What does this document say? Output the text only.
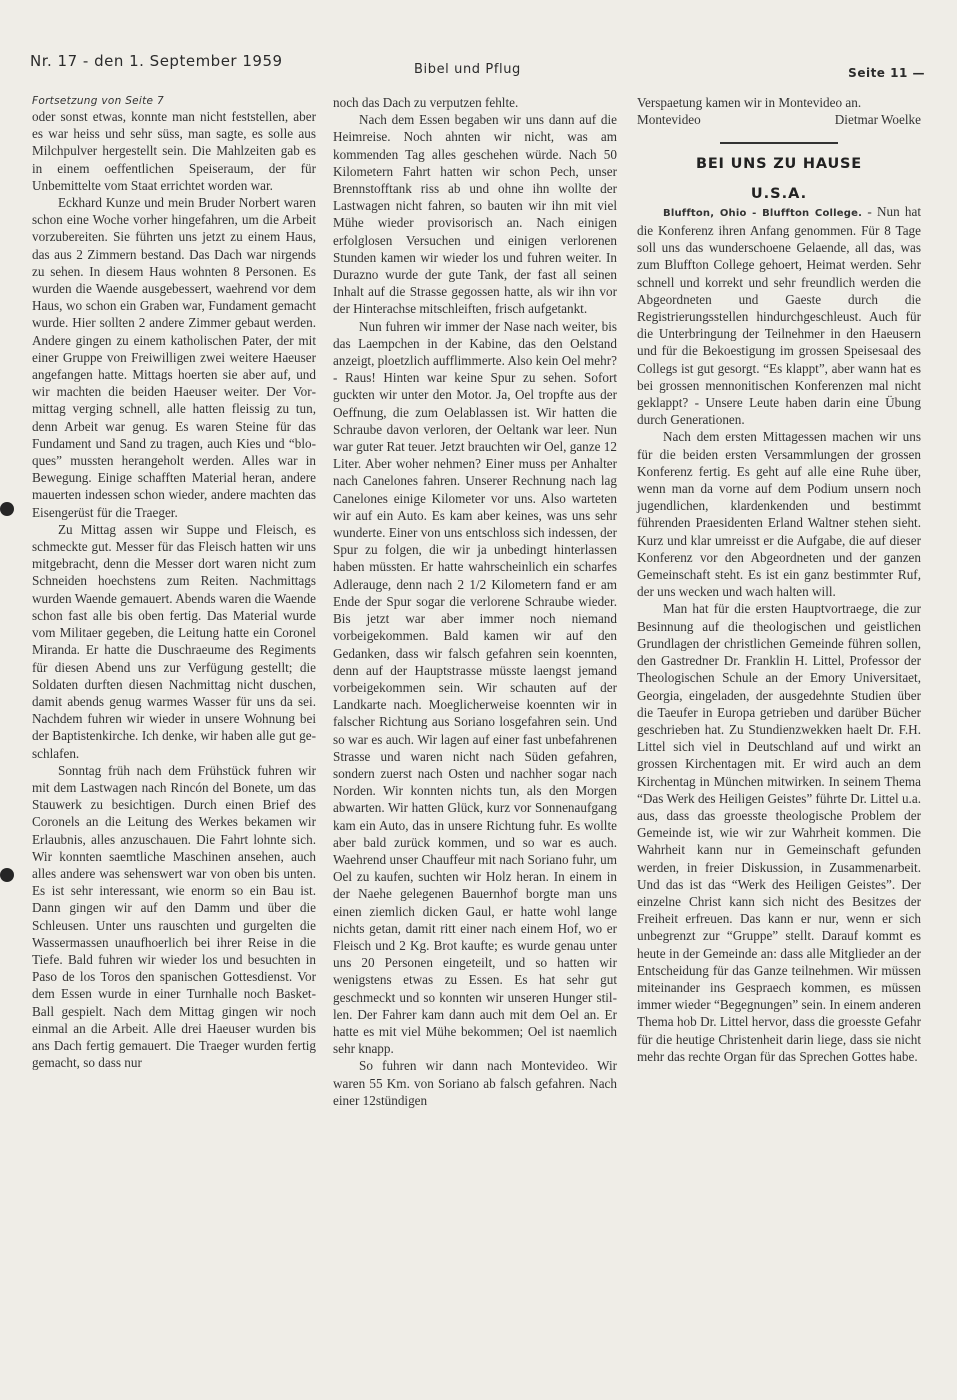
Nr. 17 - den 1. September 1959	Bibel und Pflug	Seite 11 —

Fortsetzung von Seite 7

oder sonst etwas, konnte man nicht feststellen, aber es war heiss und sehr süss, man sagte, es solle aus Milchpulver hergestellt sein. Die Mahlzeiten gab es in einem oeffentlichen Speiseraum, der für Unbemittelte vom Staat errichtet worden war.

Eckhard Kunze und mein Bruder Norbert waren schon eine Woche vorher hingefahren, um die Arbeit vorzubereiten. Sie führten uns jetzt zu einem Haus, das aus 2 Zimmern bestand. Das Dach war nirgends zu sehen. In diesem Haus wohnten 8 Personen. Es wurden die Waende ausgebessert, waehrend vor dem Haus, wo schon ein Graben war, Fundament gemacht wurde. Hier sollten 2 andere Zimmer gebaut werden. Andere gingen zu einem katholischen Pater, der mit einer Gruppe von Freiwilligen zwei weitere Haeuser angefangen hatte. Mittags hoerten sie aber auf, und wir machten die beiden Haeuser weiter. Der Vormittag verging schnell, alle hatten fleissig zu tun, denn Arbeit war genug. Es waren Steine für das Fundament und Sand zu tragen, auch Kies und “bloques” mussten herangeholt werden. Alles war in Bewegung. Einige schafften Material heran, andere mauerten indessen schon wieder, andere machten das Eisengerüst für die Traeger.

Zu Mittag assen wir Suppe und Fleisch, es schmeckte gut. Messer für das Fleisch hatten wir uns mitgebracht, denn die Messer dort waren nicht zum Schneiden hoechstens zum Reiten. Nachmittags wurden Waende gemauert. Abends waren die Waende schon fast alle bis oben fertig. Das Material wurde vom Militaer gegeben, die Leitung hatte ein Coronel Miranda. Er hatte die Duschraeume des Regiments für diesen Abend uns zur Verfügung gestellt; die Soldaten durften diesen Nachmittag nicht duschen, damit abends genug warmes Wasser für uns da sei. Nachdem fuhren wir wieder in unsere Wohnung bei der Baptistenkirche. Ich denke, wir haben alle gut geschlafen.

Sonntag früh nach dem Frühstück fuhren wir mit dem Lastwagen nach Rincón del Bonete, um das Stauwerk zu besichtigen. Durch einen Brief des Coronels an die Leitung des Werkes bekamen wir Erlaubnis, alles anzuschauen. Die Fahrt lohnte sich. Wir konnten saemtliche Maschinen ansehen, auch alles andere was sehenswert war von oben bis unten. Es ist sehr interessant, wie enorm so ein Bau ist. Dann gingen wir auf den Damm und über die Schleusen. Unter uns rauschten und gurgelten die Wassermassen unaufhoerlich bei ihrer Reise in die Tiefe. Bald fuhren wir wieder los und besuchten in Paso de los Toros den spanischen Gottesdienst. Vor dem Essen wurde in einer Turnhalle noch Basket-Ball gespielt. Nach dem Mittag gingen wir noch einmal an die Arbeit. Alle drei Haeuser wurden bis ans Dach fertig gemauert. Die Traeger wurden fertig gemacht, so dass nur

noch das Dach zu verputzen fehlte.

Nach dem Essen begaben wir uns dann auf die Heimreise. Noch ahnten wir nicht, was am kommenden Tag alles geschehen würde. Nach 50 Kilometern Fahrt hatten wir schon Pech, unser Brennstofftank riss ab und ohne ihn wollte der Lastwagen nicht fahren, so bauten wir ihn mit viel Mühe wieder provisorisch an. Nach einigen erfolglosen Versuchen und einigen verlorenen Stunden kamen wir wieder los und fuhren weiter. In Durazno wurde der gute Tank, der fast all seinen Inhalt auf die Strasse gegossen hatte, als wir ihn vor der Hinterachse mitschleiften, frisch aufgetankt.

Nun fuhren wir immer der Nase nach weiter, bis das Laempchen in der Kabine, das den Oelstand anzeigt, ploetzlich aufflimmerte. Also kein Oel mehr? - Raus! Hinten war keine Spur zu sehen. Sofort guckten wir unter den Motor. Ja, Oel tropfte aus der Oeffnung, die zum Oelablassen ist. Wir hatten die Schraube davon verloren, der Oeltank war leer. Nun war guter Rat teuer. Jetzt brauchten wir Oel, ganze 12 Liter. Aber woher nehmen? Einer muss per Anhalter nach Canelones fahren. Unserer Rechnung nach lag Canelones einige Kilometer vor uns. Also warteten wir auf ein Auto. Es kam aber keines, was uns sehr wunderte. Einer von uns entschloss sich indessen, der Spur zu folgen, die wir ja unbedingt hinterlassen haben müssten. Er hatte wahrscheinlich ein scharfes Adlerauge, denn nach 2 1/2 Kilometern fand er am Ende der Spur sogar die verlorene Schraube wieder. Bis jetzt war aber immer noch niemand vorbeigekommen. Bald kamen wir auf den Gedanken, dass wir falsch gefahren sein koennten, denn auf der Hauptstrasse müsste laengst jemand vorbeigekommen sein. Wir schauten auf der Landkarte nach. Moeglicherweise koennten wir in falscher Richtung aus Soriano losgefahren sein. Und so war es auch. Wir lagen auf einer fast unbefahrenen Strasse und waren nicht nach Süden gefahren, sondern zuerst nach Osten und nachher sogar nach Norden. Wir konnten nichts tun, als den Morgen abwarten. Wir hatten Glück, kurz vor Sonnenaufgang kam ein Auto, das in unsere Richtung fuhr. Es wollte aber bald zurück kommen, und so war es auch. Waehrend unser Chauffeur mit nach Soriano fuhr, um Oel zu kaufen, suchten wir Holz heran. In einem in der Naehe gelegenen Bauernhof borgte man uns einen ziemlich dicken Gaul, er hatte wohl lange nichts getan, damit ritt einer nach einem Hof, wo er Fleisch und 2 Kg. Brot kaufte; es wurde genau unter uns 20 Personen eingeteilt, und so hatten wir wenigstens etwas zu Essen. Es hat sehr gut geschmeckt und so konnten wir unseren Hunger stillen. Der Fahrer kam dann auch mit dem Oel an. Er hatte es mit viel Mühe bekommen; Oel ist naemlich sehr knapp.

So fuhren wir dann nach Montevideo. Wir waren 55 Km. von Soriano ab falsch gefahren. Nach einer 12stündigen

Verspaetung kamen wir in Montevideo an.

Montevideo	Dietmar Woelke
BEI UNS ZU HAUSE
U.S.A.

Bluffton, Ohio - Bluffton College. - Nun hat die Konferenz ihren Anfang genommen. Für 8 Tage soll uns das wunderschoene Gelaende, all das, was zum Bluffton College gehoert, Heimat werden. Sehr schnell und korrekt und sehr freundlich werden die Abgeordneten und Gaeste durch die Registrierungsstellen hindurchgeschleust. Auch für die Unterbringung der Teilnehmer in den Haeusern und für die Bekoestigung im grossen Speisesaal des Collegs ist gut gesorgt. “Es klappt”, aber wann hat es bei grossen mennonitischen Konferenzen mal nicht geklappt? - Unsere Leute haben darin eine Übung durch Generationen.

Nach dem ersten Mittagessen machen wir uns für die beiden ersten Versammlungen der grossen Konferenz fertig. Es geht auf alle eine Ruhe über, wenn man da vorne auf dem Podium unsern noch jugendlichen, klardenkenden und bestimmt führenden Praesidenten Erland Waltner stehen sieht. Kurz und klar umreisst er die Aufgabe, die auf dieser Konferenz vor den Abgeordneten und der ganzen Gemeinschaft steht. Es ist ein ganz bestimmter Ruf, der uns wecken und wach halten will.

Man hat für die ersten Hauptvortraege, die zur Besinnung auf die theologischen und geistlichen Grundlagen der christlichen Gemeinde führen sollen, den Gastredner Dr. Franklin H. Littel, Professor der Theologischen Schule an der Emory Universitaet, Georgia, eingeladen, der ausgedehnte Studien über die Taeufer in Europa getrieben und darüber Bücher geschrieben hat. Zu Stundienzwekken haelt Dr. F.H. Littel sich viel in Deutschland auf und wirkt an grossen Kirchentagen mit. Er wird auch an dem Kirchentag in München mitwirken. In seinem Thema “Das Werk des Heiligen Geistes” führte Dr. Littel u.a. aus, dass das groesste theologische Problem der Gemeinde ist, wie wir zur Wahrheit kommen. Die Wahrheit kann nur in Gemeinschaft gefunden werden, in freier Diskussion, in Zusammenarbeit. Und das ist das “Werk des Heiligen Geistes”. Der einzelne Christ kann sich nicht des Besitzes der Freiheit erfreuen. Das kann er nur, wenn er sich unbegrenzt zur “Gruppe” stellt. Darauf kommt es heute in der Gemeinde an: dass alle Mitglieder an der Entscheidung für das Ganze teilnehmen. Wir müssen miteinander ins Gespraech kommen, es müssen immer wieder “Begegnungen” sein. In einem anderen Thema hob Dr. Littel hervor, dass die groesste Gefahr für die heutige Christenheit darin liege, dass sie nicht mehr das rechte Organ für das Sprechen Gottes habe.
